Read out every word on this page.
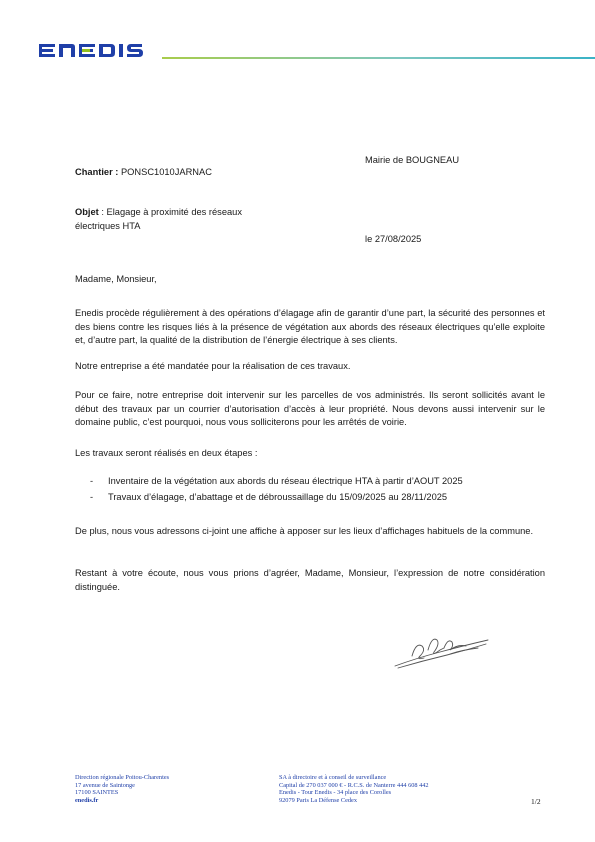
Mairie de BOUGNEAU
Chantier : PONSC1010JARNAC
Objet : Elagage à proximité des réseaux électriques HTA
le 27/08/2025
Madame, Monsieur,
Enedis procède régulièrement à des opérations d’élagage afin de garantir d’une part, la sécurité des personnes et des biens contre les risques liés à la présence de végétation aux abords des réseaux électriques qu’elle exploite et, d’autre part, la qualité de la distribution de l’énergie électrique à ses clients.
Notre entreprise a été mandatée pour la réalisation de ces travaux.
Pour ce faire, notre entreprise doit intervenir sur les parcelles de vos administrés. Ils seront sollicités avant le début des travaux par un courrier d’autorisation d’accès à leur propriété. Nous devons aussi intervenir sur le domaine public, c’est pourquoi, nous vous solliciterons pour les arrêtés de voirie.
Les travaux seront réalisés en deux étapes :
- Inventaire de la végétation aux abords du réseau électrique HTA à partir d’AOUT 2025
- Travaux d’élagage, d’abattage et de débroussaillage du 15/09/2025 au 28/11/2025
De plus, nous vous adressons ci-joint une affiche à apposer sur les lieux d’affichages habituels de la commune.
Restant à votre écoute, nous vous prions d’agréer, Madame, Monsieur, l’expression de notre considération distinguée.
Direction régionale Poitou-Charentes
17 avenue de Saintonge
17100 SAINTES
enedis.fr
SA à directoire et à conseil de surveillance
Capital de 270 037 000 € - R.C.S. de Nanterre 444 608 442
Enedis - Tour Enedis - 34 place des Corolles
92079 Paris La Défense Cedex	1/2
